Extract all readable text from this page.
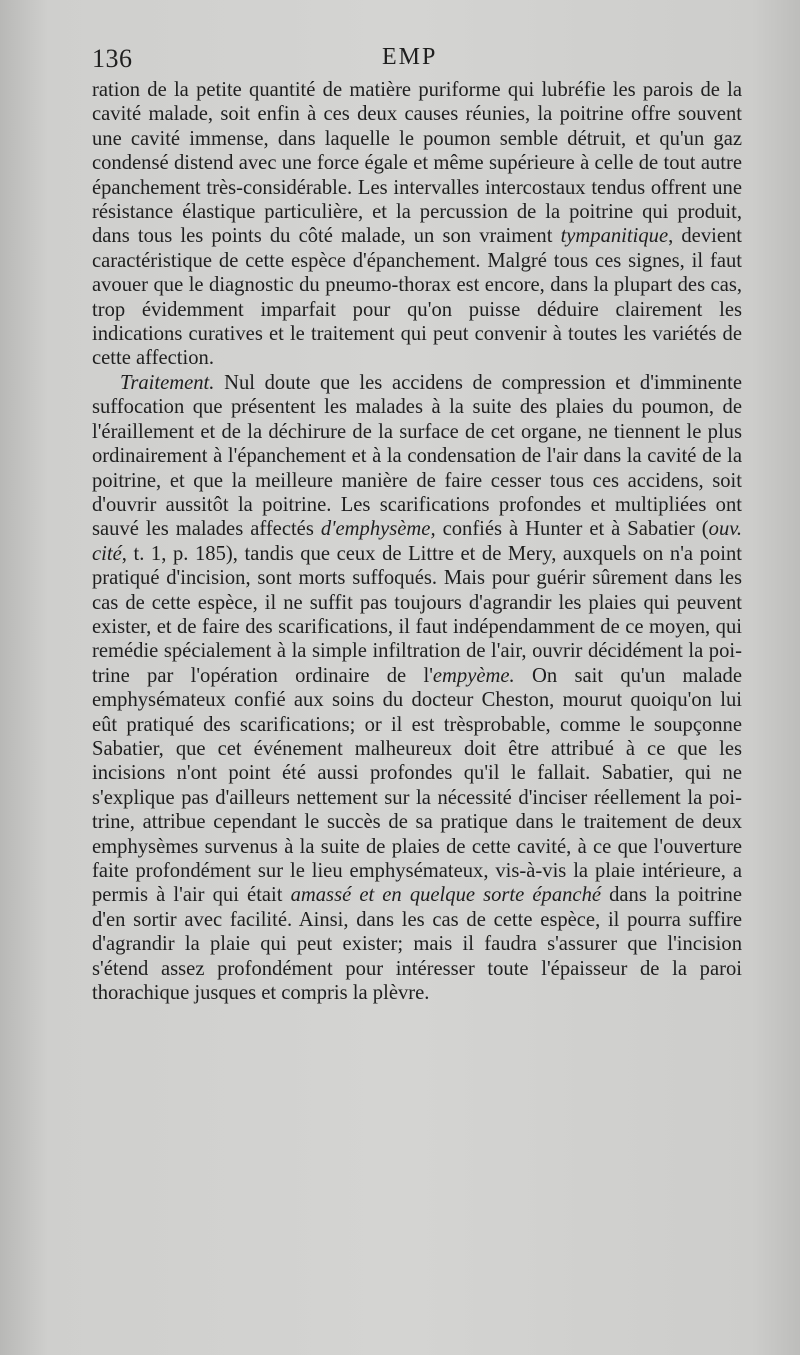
136	EMP

ration de la petite quantité de matière puriforme qui lubréfie les parois de la cavité malade, soit enfin à ces deux causes réunies, la poitrine offre souvent une cavité immense, dans laquelle le poumon semble détruit, et qu'un gaz condensé distend avec une force égale et même supérieure à celle de tout autre épanchement très-considérable. Les intervalles intercostaux tendus offrent une résistance élastique particulière, et la percussion de la poitrine qui produit, dans tous les points du côté malade, un son vraiment tympanitique, devient caractéristique de cette espèce d'épanchement. Malgré tous ces signes, il faut avouer que le diagnostic du pneumo-thorax est encore, dans la plupart des cas, trop évidemment imparfait pour qu'on puisse déduire clairement les indications curatives et le traitement qui peut convenir à toutes les variétés de cette affection.

Traitement. Nul doute que les accidens de compression et d'imminente suffocation que présentent les malades à la suite des plaies du poumon, de l'éraillement et de la déchirure de la surface de cet organe, ne tiennent le plus ordinairement à l'épanchement et à la condensation de l'air dans la cavité de la poitrine, et que la meilleure manière de faire cesser tous ces accidens, soit d'ouvrir aussitôt la poitrine. Les scarifications profondes et multipliées ont sauvé les malades affectés d'emphysème, confiés à Hunter et à Sabatier (ouv. cité, t. 1, p. 185), tandis que ceux de Littre et de Mery, auxquels on n'a point pratiqué d'incision, sont morts suffoqués. Mais pour guérir sûrement dans les cas de cette espèce, il ne suffit pas toujours d'agrandir les plaies qui peuvent exister, et de faire des scarifications, il faut indépendamment de ce moyen, qui remédie spécialement à la simple infiltration de l'air, ouvrir décidément la poitrine par l'opération ordinaire de l'empyème. On sait qu'un malade emphysémateux confié aux soins du docteur Cheston, mourut quoiqu'on lui eût pratiqué des scarifications; or il est trèsprobable, comme le soupçonne Sabatier, que cet événement malheureux doit être attribué à ce que les incisions n'ont point été aussi profondes qu'il le fallait. Sabatier, qui ne s'explique pas d'ailleurs nettement sur la nécessité d'inciser réellement la poitrine, attribue cependant le succès de sa pratique dans le traitement de deux emphysèmes survenus à la suite de plaies de cette cavité, à ce que l'ouverture faite profondément sur le lieu emphysémateux, vis-à-vis la plaie intérieure, a permis à l'air qui était amassé et en quelque sorte épanché dans la poitrine d'en sortir avec facilité. Ainsi, dans les cas de cette espèce, il pourra suffire d'agrandir la plaie qui peut exister; mais il faudra s'assurer que l'incision s'étend assez profondément pour intéresser toute l'épaisseur de la paroi thorachique jusques et compris la plèvre.
